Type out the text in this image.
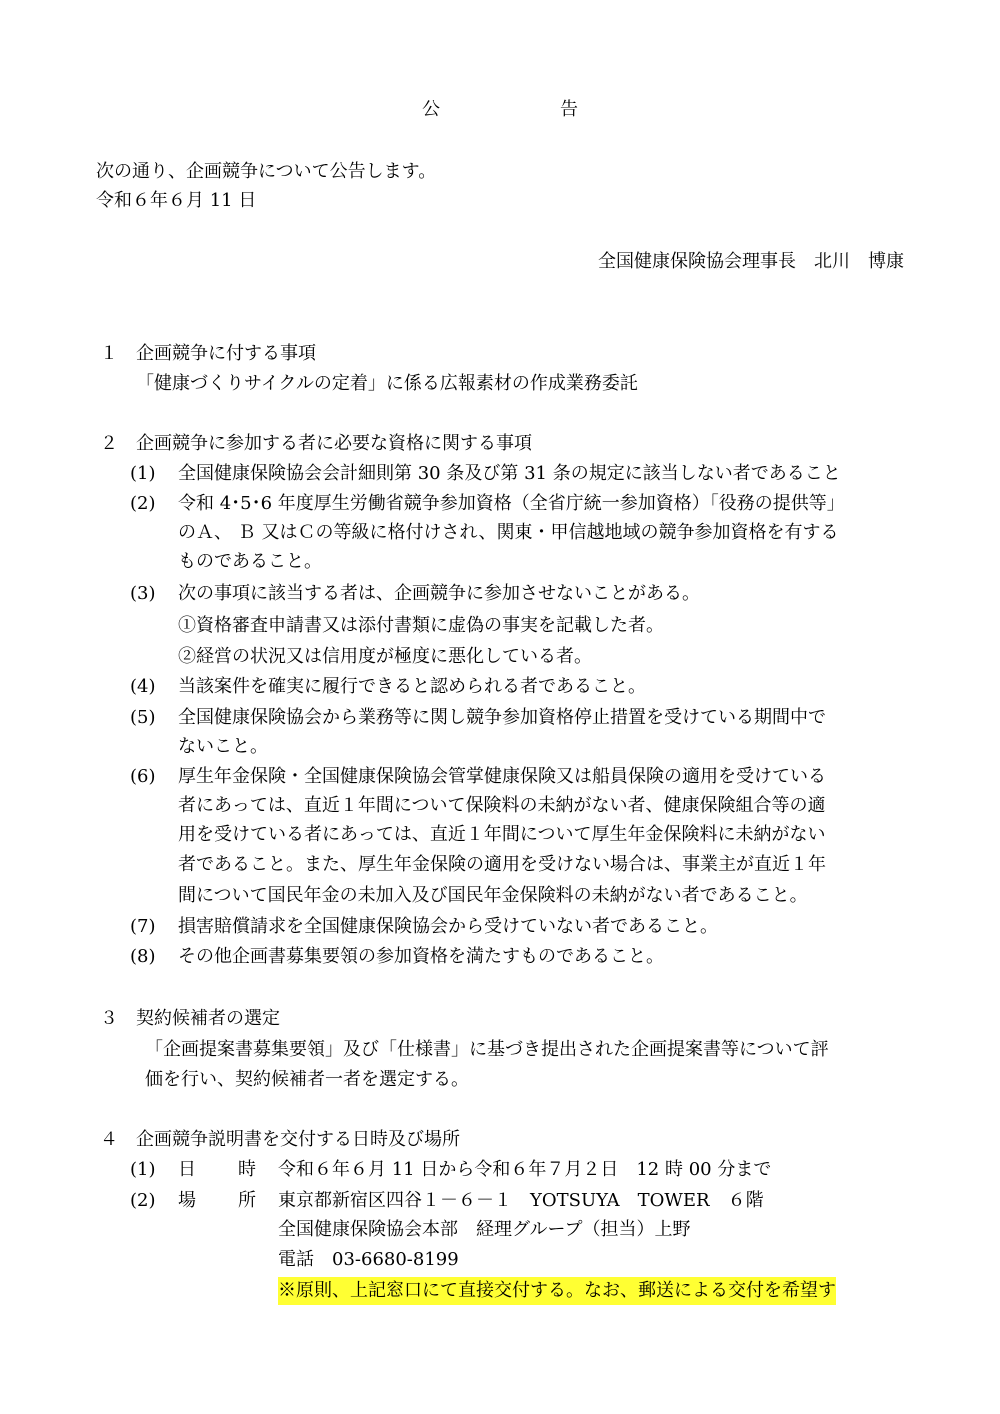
公	告
次の通り、企画競争について公告します。
令和６年６月 11 日
全国健康保険協会理事長　北川　博康
１ 企画競争に付する事項
「健康づくりサイクルの定着」に係る広報素材の作成業務委託
２ 企画競争に参加する者に必要な資格に関する事項
(1) 全国健康保険協会会計細則第 30 条及び第 31 条の規定に該当しない者であること
(2) 令和 4･5･6 年度厚生労働省競争参加資格（全省庁統一参加資格）「役務の提供等」
のＡ、 Ｂ 又はＣの等級に格付けされ、関東・甲信越地域の競争参加資格を有する
ものであること。
(3) 次の事項に該当する者は、企画競争に参加させないことがある。
①資格審査申請書又は添付書類に虚偽の事実を記載した者。
②経営の状況又は信用度が極度に悪化している者。
(4) 当該案件を確実に履行できると認められる者であること。
(5) 全国健康保険協会から業務等に関し競争参加資格停止措置を受けている期間中で
ないこと。
(6) 厚生年金保険・全国健康保険協会管掌健康保険又は船員保険の適用を受けている
者にあっては、直近１年間について保険料の未納がない者、健康保険組合等の適
用を受けている者にあっては、直近１年間について厚生年金保険料に未納がない
者であること。また、厚生年金保険の適用を受けない場合は、事業主が直近１年
間について国民年金の未加入及び国民年金保険料の未納がない者であること。
(7) 損害賠償請求を全国健康保険協会から受けていない者であること。
(8) その他企画書募集要領の参加資格を満たすものであること。
３ 契約候補者の選定
「企画提案書募集要領」及び「仕様書」に基づき提出された企画提案書等について評
価を行い、契約候補者一者を選定する。
４ 企画競争説明書を交付する日時及び場所
(1) 日 時 令和６年６月 11 日から令和６年７月２日　12 時 00 分まで
(2) 場 所 東京都新宿区四谷１－６－１　YOTSUYA　TOWER　６階
全国健康保険協会本部　経理グループ（担当）上野
電話　03-6680-8199
※原則、上記窓口にて直接交付する。なお、郵送による交付を希望す
